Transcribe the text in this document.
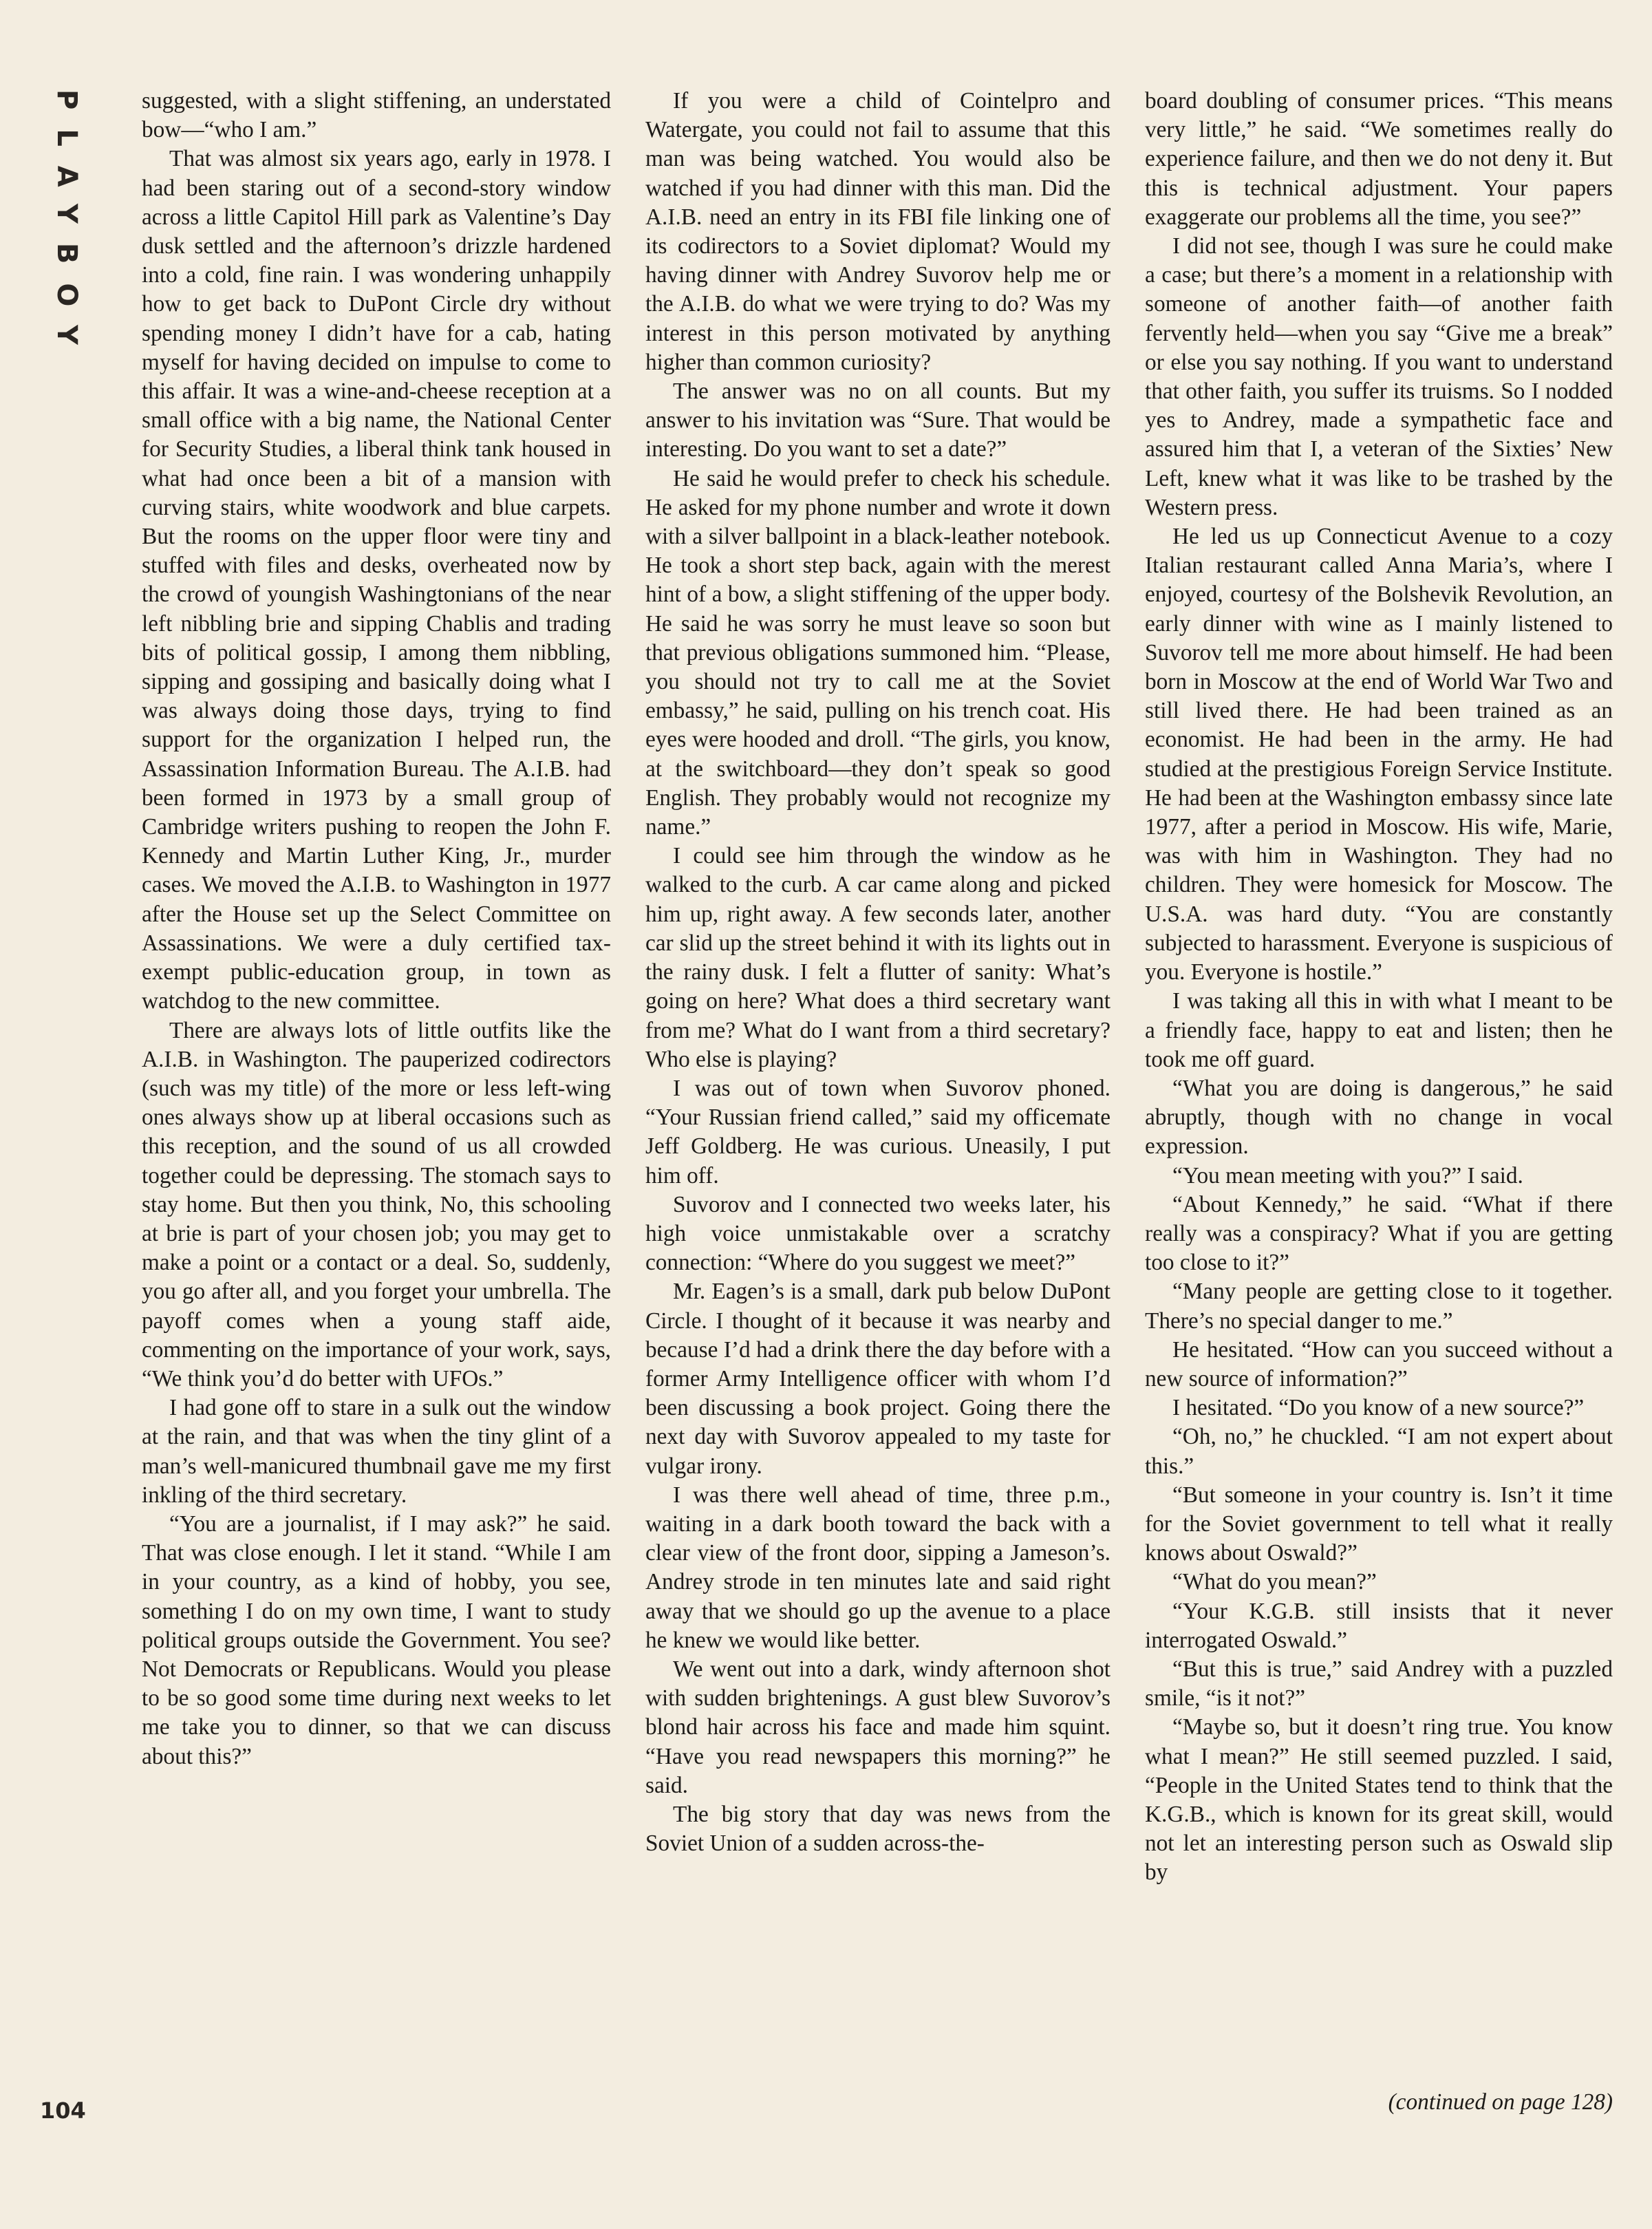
PLAYBOY	suggested, with a slight stiffening, an understated bow—“who I am.”

That was almost six years ago, early in 1978. I had been staring out of a second-story window across a little Capitol Hill park as Valentine’s Day dusk settled and the afternoon’s drizzle hardened into a cold, fine rain. I was wondering unhappily how to get back to DuPont Circle dry without spending money I didn’t have for a cab, hating myself for having decided on impulse to come to this affair. It was a wine-and-cheese reception at a small office with a big name, the National Center for Security Studies, a liberal think tank housed in what had once been a bit of a mansion with curving stairs, white woodwork and blue carpets. But the rooms on the upper floor were tiny and stuffed with files and desks, overheated now by the crowd of youngish Washingtonians of the near left nibbling brie and sipping Chablis and trading bits of political gossip, I among them nibbling, sipping and gossiping and basically doing what I was always doing those days, trying to find support for the organization I helped run, the Assassination Information Bureau. The A.I.B. had been formed in 1973 by a small group of Cambridge writers pushing to reopen the John F. Kennedy and Martin Luther King, Jr., murder cases. We moved the A.I.B. to Washington in 1977 after the House set up the Select Committee on Assassinations. We were a duly certified tax-exempt public-education group, in town as watchdog to the new committee.

There are always lots of little outfits like the A.I.B. in Washington. The pauperized codirectors (such was my title) of the more or less left-wing ones always show up at liberal occasions such as this reception, and the sound of us all crowded together could be depressing. The stomach says to stay home. But then you think, No, this schooling at brie is part of your chosen job; you may get to make a point or a contact or a deal. So, suddenly, you go after all, and you forget your umbrella. The payoff comes when a young staff aide, commenting on the importance of your work, says, “We think you’d do better with UFOs.”

I had gone off to stare in a sulk out the window at the rain, and that was when the tiny glint of a man’s well-manicured thumbnail gave me my first inkling of the third secretary.

“You are a journalist, if I may ask?” he said. That was close enough. I let it stand. “While I am in your country, as a kind of hobby, you see, something I do on my own time, I want to study political groups outside the Government. You see? Not Democrats or Republicans. Would you please to be so good some time during next weeks to let me take you to dinner, so that we can discuss about this?”

If you were a child of Cointelpro and Watergate, you could not fail to assume that this man was being watched. You would also be watched if you had dinner with this man. Did the A.I.B. need an entry in its FBI file linking one of its codirectors to a Soviet diplomat? Would my having dinner with Andrey Suvorov help me or the A.I.B. do what we were trying to do? Was my interest in this person motivated by anything higher than common curiosity?

The answer was no on all counts. But my answer to his invitation was “Sure. That would be interesting. Do you want to set a date?”

He said he would prefer to check his schedule. He asked for my phone number and wrote it down with a silver ballpoint in a black-leather notebook. He took a short step back, again with the merest hint of a bow, a slight stiffening of the upper body. He said he was sorry he must leave so soon but that previous obligations summoned him. “Please, you should not try to call me at the Soviet embassy,” he said, pulling on his trench coat. His eyes were hooded and droll. “The girls, you know, at the switchboard—they don’t speak so good English. They probably would not recognize my name.”

I could see him through the window as he walked to the curb. A car came along and picked him up, right away. A few seconds later, another car slid up the street behind it with its lights out in the rainy dusk. I felt a flutter of sanity: What’s going on here? What does a third secretary want from me? What do I want from a third secretary? Who else is playing?

I was out of town when Suvorov phoned. “Your Russian friend called,” said my officemate Jeff Goldberg. He was curious. Uneasily, I put him off.

Suvorov and I connected two weeks later, his high voice unmistakable over a scratchy connection: “Where do you suggest we meet?”

Mr. Eagen’s is a small, dark pub below DuPont Circle. I thought of it because it was nearby and because I’d had a drink there the day before with a former Army Intelligence officer with whom I’d been discussing a book project. Going there the next day with Suvorov appealed to my taste for vulgar irony.

I was there well ahead of time, three p.m., waiting in a dark booth toward the back with a clear view of the front door, sipping a Jameson’s. Andrey strode in ten minutes late and said right away that we should go up the avenue to a place he knew we would like better.

We went out into a dark, windy afternoon shot with sudden brightenings. A gust blew Suvorov’s blond hair across his face and made him squint. “Have you read newspapers this morning?” he said.

The big story that day was news from the Soviet Union of a sudden across-the-

board doubling of consumer prices. “This means very little,” he said. “We sometimes really do experience failure, and then we do not deny it. But this is technical adjustment. Your papers exaggerate our problems all the time, you see?”

I did not see, though I was sure he could make a case; but there’s a moment in a relationship with someone of another faith—of another faith fervently held—when you say “Give me a break” or else you say nothing. If you want to understand that other faith, you suffer its truisms. So I nodded yes to Andrey, made a sympathetic face and assured him that I, a veteran of the Sixties’ New Left, knew what it was like to be trashed by the Western press.

He led us up Connecticut Avenue to a cozy Italian restaurant called Anna Maria’s, where I enjoyed, courtesy of the Bolshevik Revolution, an early dinner with wine as I mainly listened to Suvorov tell me more about himself. He had been born in Moscow at the end of World War Two and still lived there. He had been trained as an economist. He had been in the army. He had studied at the prestigious Foreign Service Institute. He had been at the Washington embassy since late 1977, after a period in Moscow. His wife, Marie, was with him in Washington. They had no children. They were homesick for Moscow. The U.S.A. was hard duty. “You are constantly subjected to harassment. Everyone is suspicious of you. Everyone is hostile.”

I was taking all this in with what I meant to be a friendly face, happy to eat and listen; then he took me off guard.

“What you are doing is dangerous,” he said abruptly, though with no change in vocal expression.

“You mean meeting with you?” I said.

“About Kennedy,” he said. “What if there really was a conspiracy? What if you are getting too close to it?”

“Many people are getting close to it together. There’s no special danger to me.”

He hesitated. “How can you succeed without a new source of information?”

I hesitated. “Do you know of a new source?”

“Oh, no,” he chuckled. “I am not expert about this.”

“But someone in your country is. Isn’t it time for the Soviet government to tell what it really knows about Oswald?”

“What do you mean?”

“Your K.G.B. still insists that it never interrogated Oswald.”

“But this is true,” said Andrey with a puzzled smile, “is it not?”

“Maybe so, but it doesn’t ring true. You know what I mean?” He still seemed puzzled. I said, “People in the United States tend to think that the K.G.B., which is known for its great skill, would not let an interesting person such as Oswald slip by

(continued on page 128)
104
